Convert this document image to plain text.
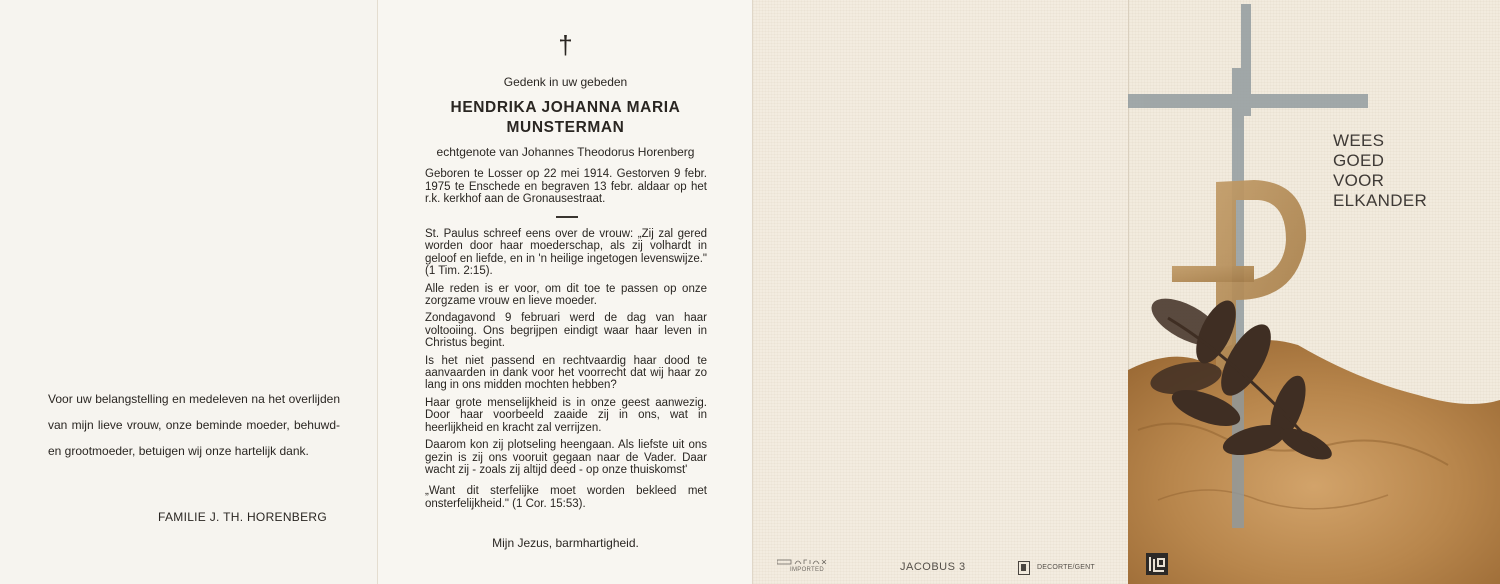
Voor uw belangstelling en medeleven na het overlijden van mijn lieve vrouw, onze beminde moeder, behuwd- en grootmoeder, betuigen wij onze hartelijk dank.
FAMILIE J. TH. HORENBERG
†
Gedenk in uw gebeden
HENDRIKA JOHANNA MARIA
MUNSTERMAN
echtgenote van Johannes Theodorus Horenberg
Geboren te Losser op 22 mei 1914. Gestorven 9 febr. 1975 te Enschede en begraven 13 febr. aldaar op het r.k. kerkhof aan de Gronausestraat.

St. Paulus schreef eens over de vrouw: „Zij zal gered worden door haar moederschap, als zij volhardt in geloof en liefde, en in 'n heilige ingetogen levenswijze." (1 Tim. 2:15).

Alle reden is er voor, om dit toe te passen op onze zorgzame vrouw en lieve moeder.

Zondagavond 9 februari werd de dag van haar voltooiing. Ons begrijpen eindigt waar haar leven in Christus begint.

Is het niet passend en rechtvaardig haar dood te aanvaarden in dank voor het voorrecht dat wij haar zo lang in ons midden mochten hebben?

Haar grote menselijkheid is in onze geest aanwezig. Door haar voorbeeld zaaide zij in ons, wat in heerlijkheid en kracht zal verrijzen.

Daarom kon zij plotseling heengaan. Als liefste uit ons gezin is zij ons vooruit gegaan naar de Vader. Daar wacht zij - zoals zij altijd deed - op onze thuiskomst'

„Want dit sterfelijke moet worden bekleed met onsterfelijkheid." (1 Cor. 15:53).

Mijn Jezus, barmhartigheid.
IMPORTED	JACOBUS 3	DECORTE/GENT
WEES
GOED
VOOR
ELKANDER
